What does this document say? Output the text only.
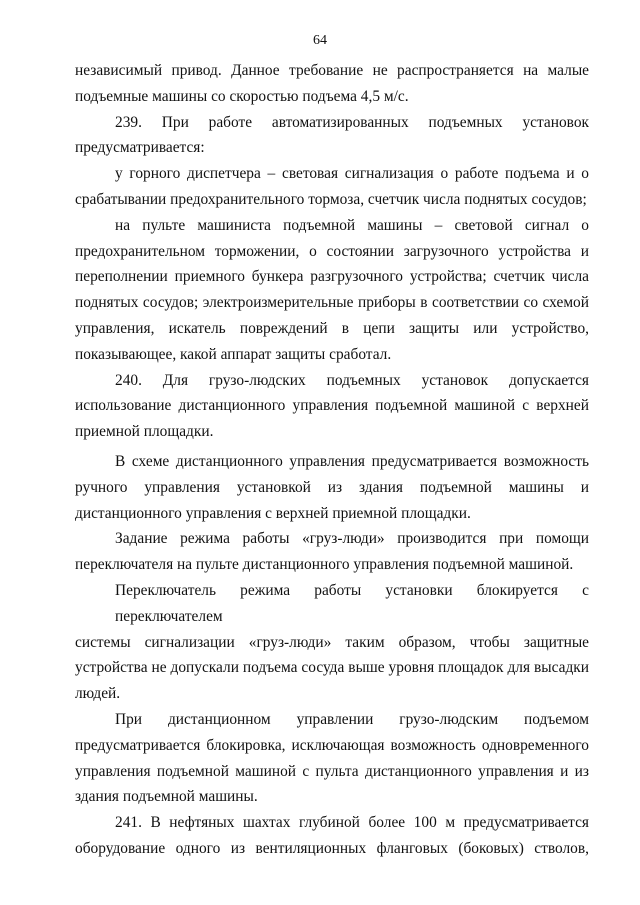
64

независимый привод. Данное требование не распространяется на малые
подъемные машины со скоростью подъема 4,5 м/с.

239. При работе автоматизированных подъемных установок
предусматривается:

у горного диспетчера – световая сигнализация о работе подъема и о
срабатывании предохранительного тормоза, счетчик числа поднятых сосудов;

на пульте машиниста подъемной машины – световой сигнал о
предохранительном торможении, о состоянии загрузочного устройства и
переполнении приемного бункера разгрузочного устройства; счетчик числа
поднятых сосудов; электроизмерительные приборы в соответствии со схемой
управления, искатель повреждений в цепи защиты или устройство,
показывающее, какой аппарат защиты сработал.

240. Для грузо-людских подъемных установок допускается
использование дистанционного управления подъемной машиной с верхней
приемной площадки.

В схеме дистанционного управления предусматривается возможность
ручного управления установкой из здания подъемной машины и
дистанционного управления с верхней приемной площадки.

Задание режима работы «груз-люди» производится при помощи
переключателя на пульте дистанционного управления подъемной машиной.

Переключатель режима работы установки блокируется с переключателем
системы сигнализации «груз-люди» таким образом, чтобы защитные
устройства не допускали подъема сосуда выше уровня площадок для высадки
людей.

При дистанционном управлении грузо-людским подъемом
предусматривается блокировка, исключающая возможность одновременного
управления подъемной машиной с пульта дистанционного управления и из
здания подъемной машины.

241. В нефтяных шахтах глубиной более 100 м предусматривается
оборудование одного из вентиляционных фланговых (боковых) стволов,
